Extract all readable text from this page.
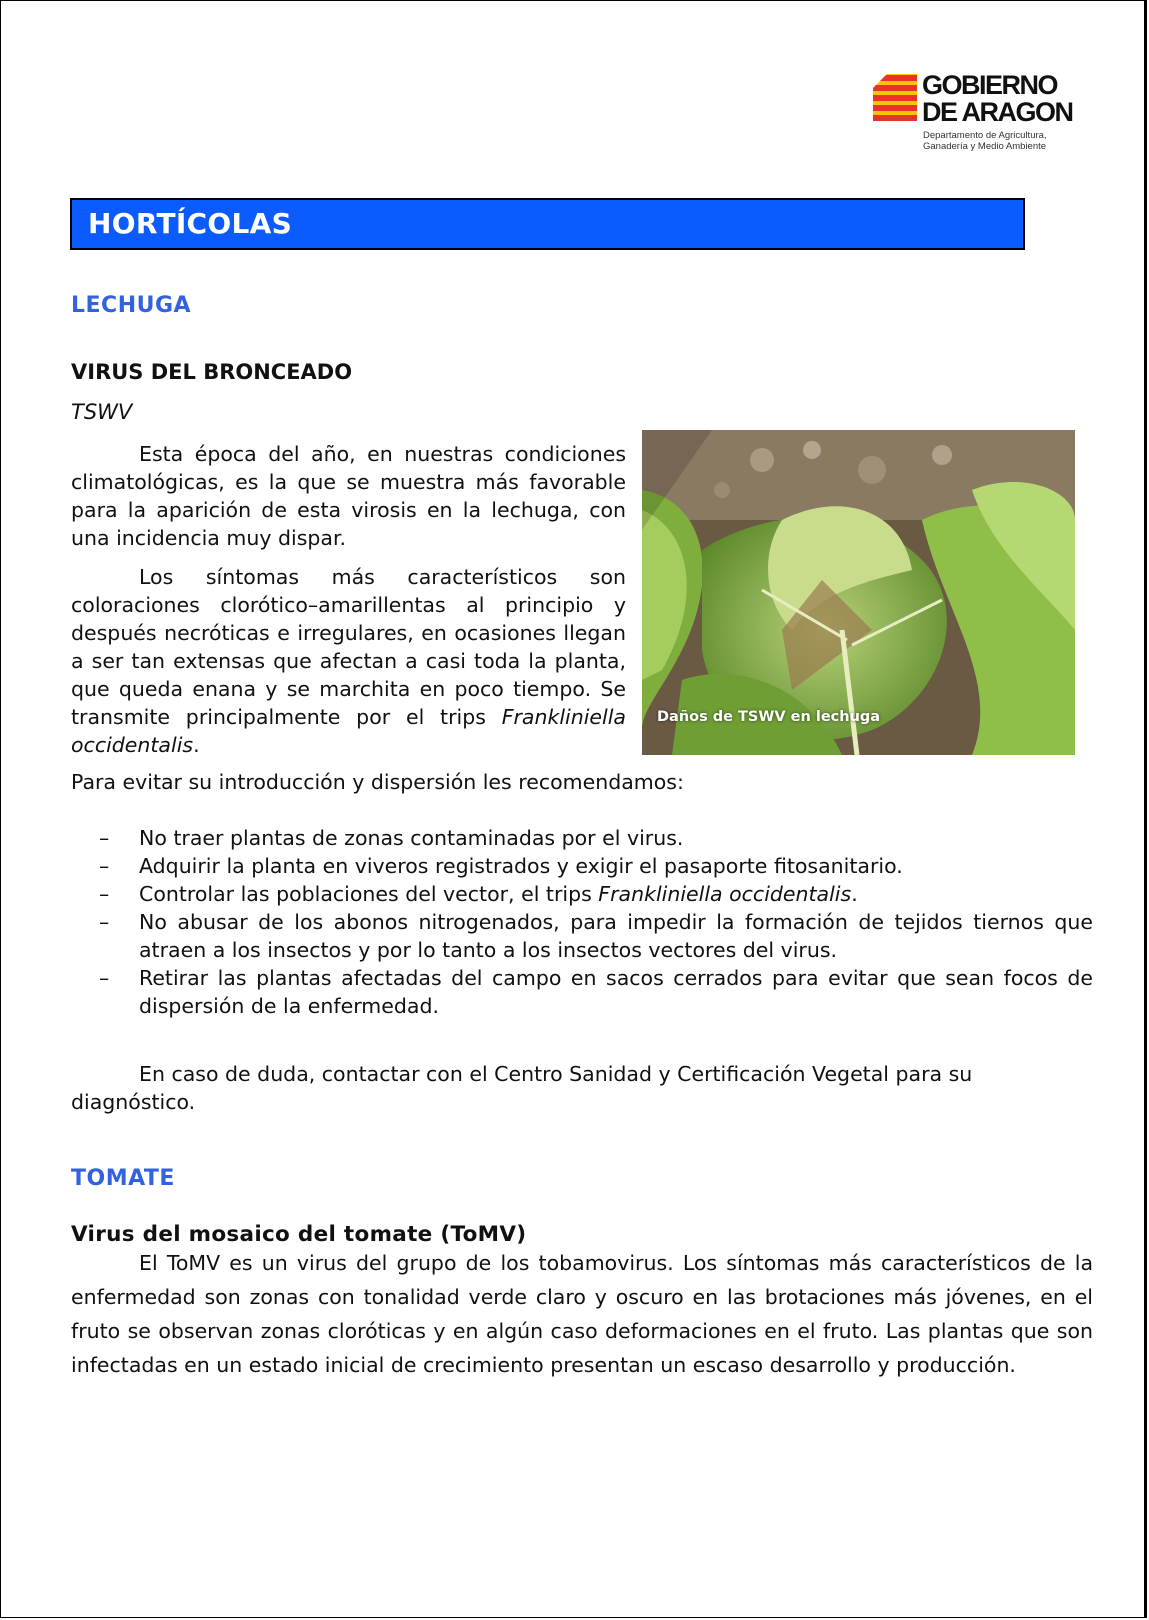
GOBIERNO
DE ARAGON
Departamento de Agricultura,
Ganadería y Medio Ambiente
HORTÍCOLAS
LECHUGA
VIRUS DEL BRONCEADO
TSWV
Esta época del año, en nuestras condiciones climatológicas, es la que se muestra más favorable para la aparición de esta virosis en la lechuga, con una incidencia muy dispar.
Los síntomas más característicos son coloraciones clorótico–amarillentas al principio y después necróticas e irregulares, en ocasiones llegan a ser tan extensas que afectan a casi toda la planta, que queda enana y se marchita en poco tiempo. Se transmite principalmente por el trips Frankliniella occidentalis.
Daños de TSWV en lechuga
Para evitar su introducción y dispersión les recomendamos:
– No traer plantas de zonas contaminadas por el virus.
– Adquirir la planta en viveros registrados y exigir el pasaporte fitosanitario.
– Controlar las poblaciones del vector, el trips Frankliniella occidentalis.
– No abusar de los abonos nitrogenados, para impedir la formación de tejidos tiernos que atraen a los insectos y por lo tanto a los insectos vectores del virus.
– Retirar las plantas afectadas del campo en sacos cerrados para evitar que sean focos de dispersión de la enfermedad.
En caso de duda, contactar con el Centro Sanidad y Certificación Vegetal para su diagnóstico.
TOMATE
Virus del mosaico del tomate (ToMV)
El ToMV es un virus del grupo de los tobamovirus. Los síntomas más característicos de la enfermedad son zonas con tonalidad verde claro y oscuro en las brotaciones más jóvenes, en el fruto se observan zonas cloróticas y en algún caso deformaciones en el fruto. Las plantas que son infectadas en un estado inicial de crecimiento presentan un escaso desarrollo y producción.
